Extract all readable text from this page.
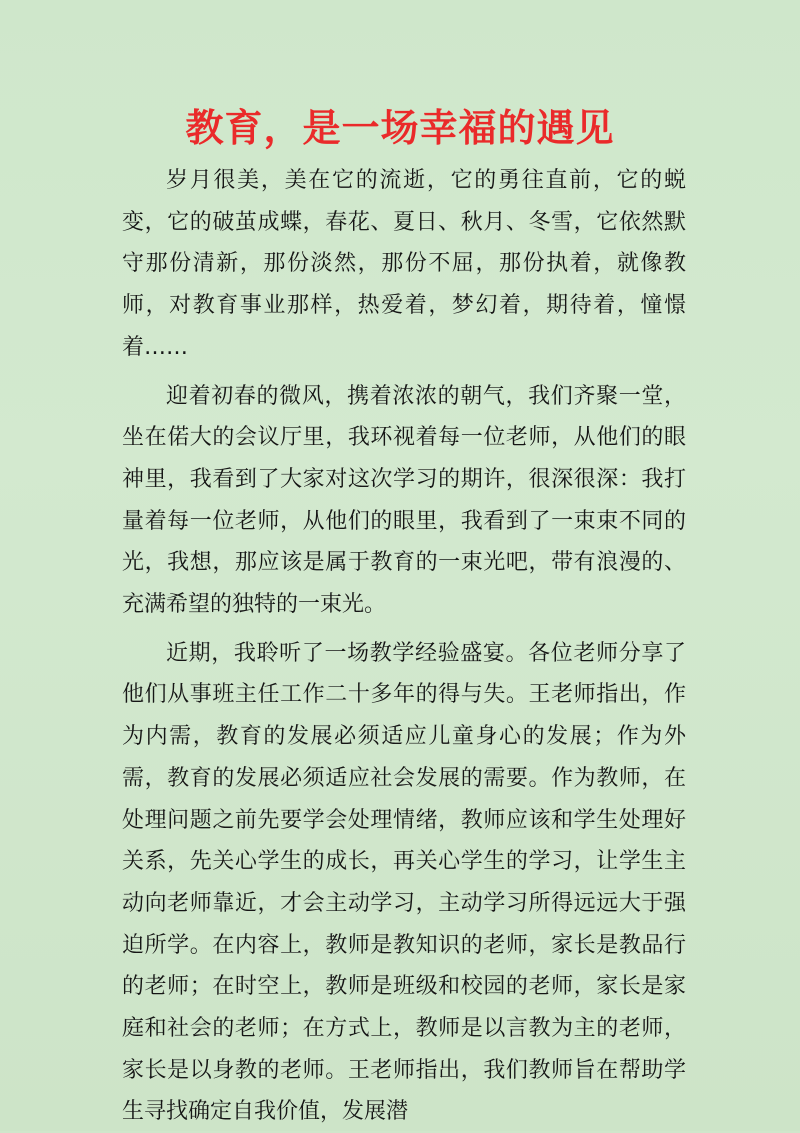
教育，是一场幸福的遇见

岁月很美，美在它的流逝，它的勇往直前，它的蜕变，它的破茧成蝶，春花、夏日、秋月、冬雪，它依然默守那份清新，那份淡然，那份不屈，那份执着，就像教师，对教育事业那样，热爱着，梦幻着，期待着，憧憬着……

迎着初春的微风，携着浓浓的朝气，我们齐聚一堂，坐在偌大的会议厅里，我环视着每一位老师，从他们的眼神里，我看到了大家对这次学习的期许，很深很深：我打量着每一位老师，从他们的眼里，我看到了一束束不同的光，我想，那应该是属于教育的一束光吧，带有浪漫的、充满希望的独特的一束光。

近期，我聆听了一场教学经验盛宴。各位老师分享了他们从事班主任工作二十多年的得与失。王老师指出，作为内需，教育的发展必须适应儿童身心的发展；作为外需，教育的发展必须适应社会发展的需要。作为教师，在处理问题之前先要学会处理情绪，教师应该和学生处理好关系，先关心学生的成长，再关心学生的学习，让学生主动向老师靠近，才会主动学习，主动学习所得远远大于强迫所学。在内容上，教师是教知识的老师，家长是教品行的老师；在时空上，教师是班级和校园的老师，家长是家庭和社会的老师；在方式上，教师是以言教为主的老师，家长是以身教的老师。王老师指出，我们教师旨在帮助学生寻找确定自我价值，发展潜
